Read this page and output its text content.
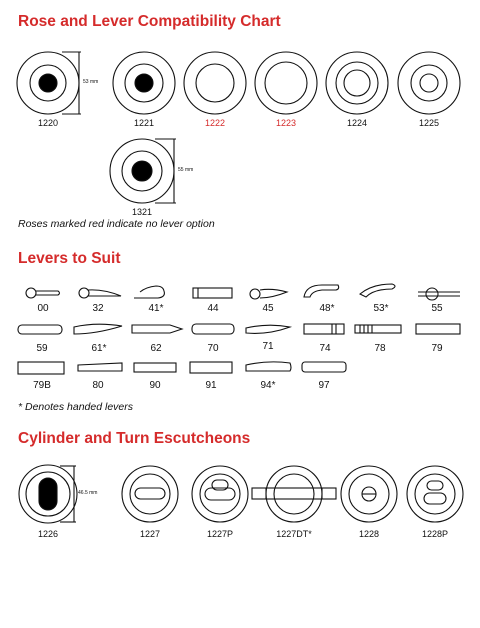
Rose and Lever Compatibility Chart
Levers to Suit
Cylinder and Turn Escutcheons
53 mm
55 mm
1220	1221	1222	1223	1224	1225
1321

Roses marked red indicate no lever option

00	32	41*	44	45	48*	53*	55
59	61*	62	70	71	74	78	79
79B	80	90	91	94*	97

* Denotes handed levers

46.5 mm
1226	1227	1227P	1227DT*	1228	1228P
